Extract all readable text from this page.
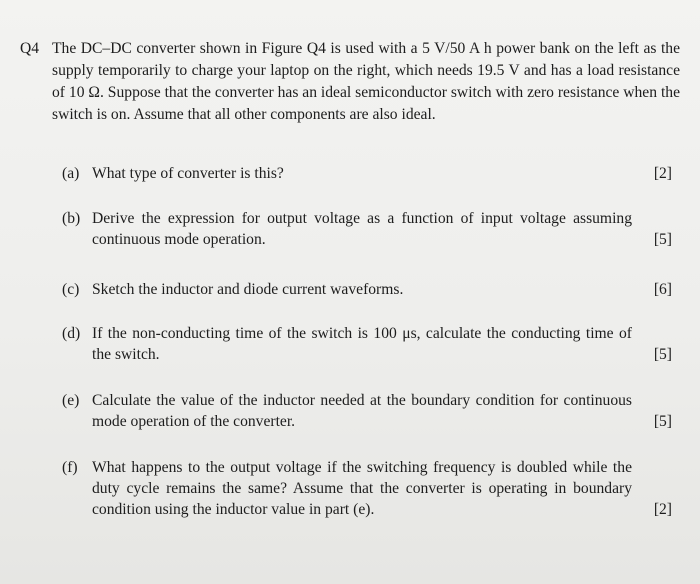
Q4 The DC–DC converter shown in Figure Q4 is used with a 5 V/50 A h power bank on the left as the supply temporarily to charge your laptop on the right, which needs 19.5 V and has a load resistance of 10 Ω. Suppose that the converter has an ideal semiconductor switch with zero resistance when the switch is on. Assume that all other components are also ideal.
(a) What type of converter is this?	[2]
(b) Derive the expression for output voltage as a function of input voltage assuming continuous mode operation.	[5]
(c) Sketch the inductor and diode current waveforms.	[6]
(d) If the non-conducting time of the switch is 100 μs, calculate the conducting time of the switch.	[5]
(e) Calculate the value of the inductor needed at the boundary condition for continuous mode operation of the converter.	[5]
(f) What happens to the output voltage if the switching frequency is doubled while the duty cycle remains the same? Assume that the converter is operating in boundary condition using the inductor value in part (e).	[2]
